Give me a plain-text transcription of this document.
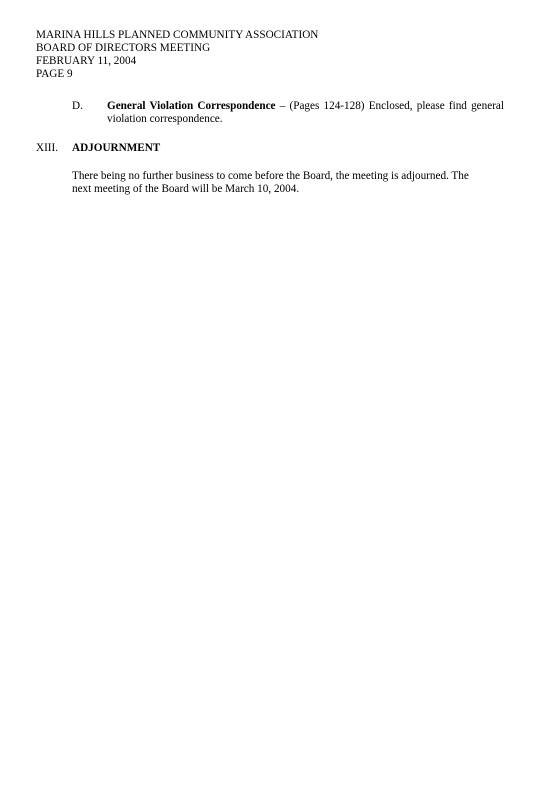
MARINA HILLS PLANNED COMMUNITY ASSOCIATION
BOARD OF DIRECTORS MEETING
FEBRUARY 11, 2004
PAGE 9
D. General Violation Correspondence – (Pages 124-128) Enclosed, please find general violation correspondence.
XIII. ADJOURNMENT
There being no further business to come before the Board, the meeting is adjourned. The
next meeting of the Board will be March 10, 2004.
